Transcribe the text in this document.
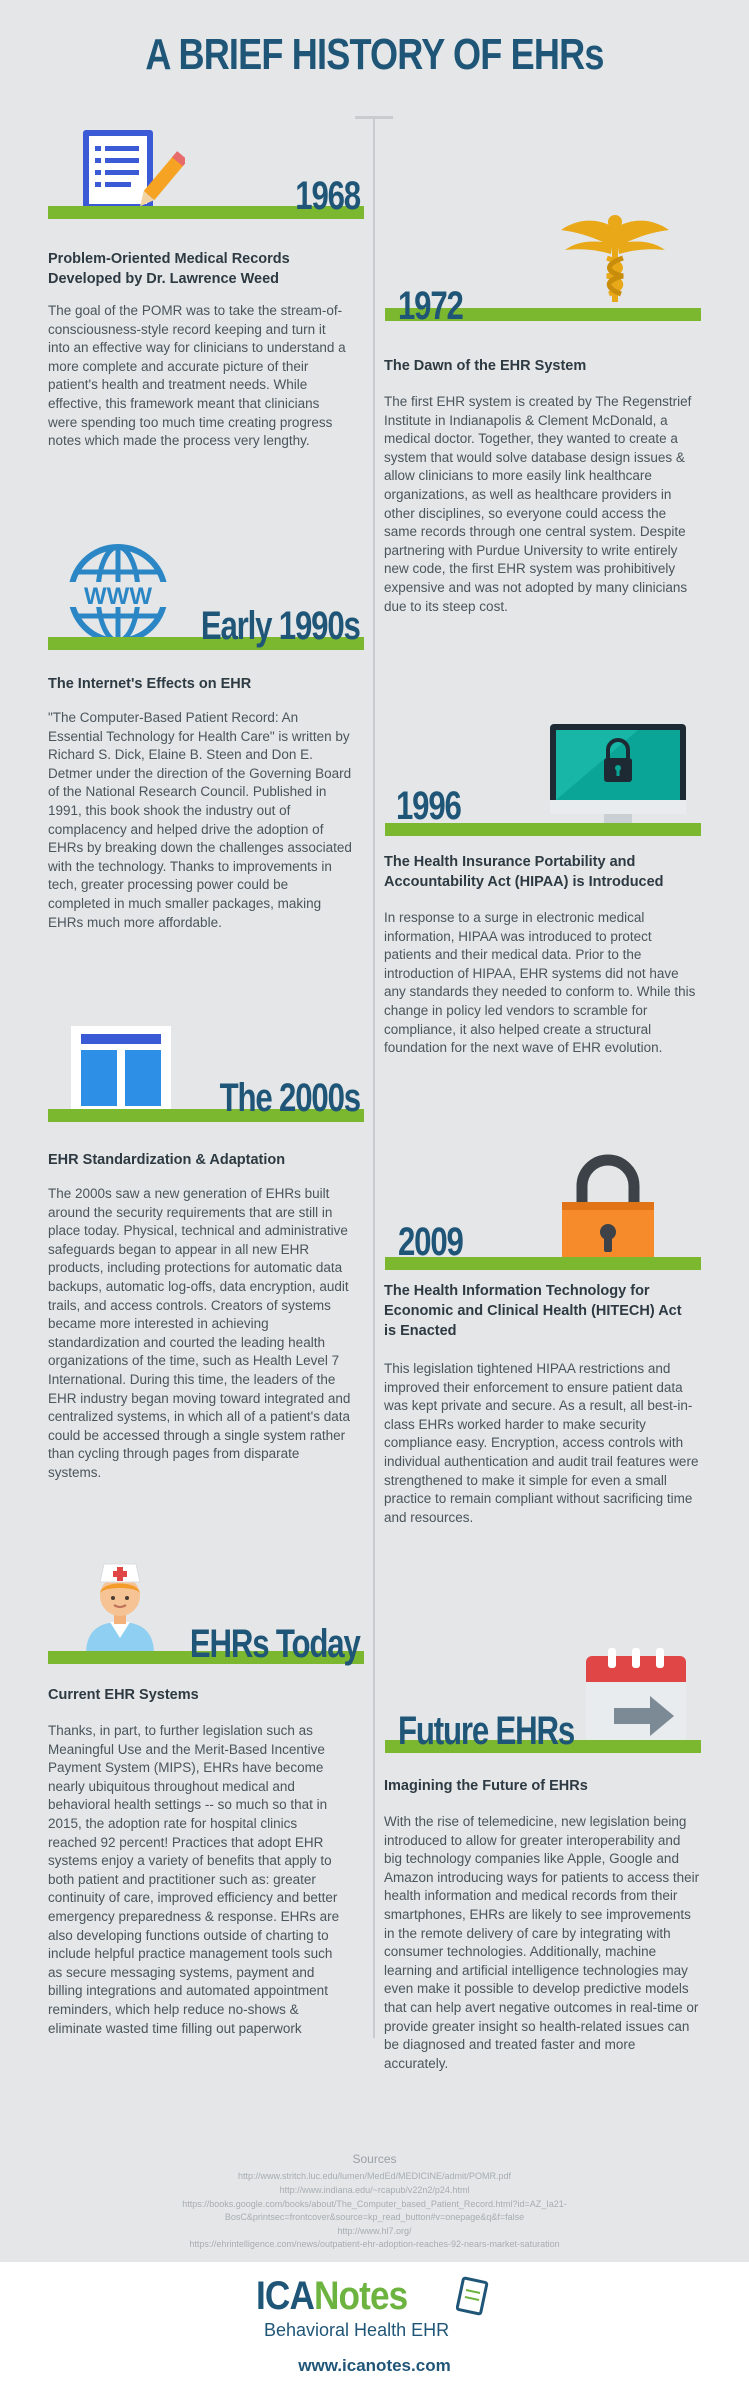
A BRIEF HISTORY OF EHRs
1968
Problem-Oriented Medical Records Developed by Dr. Lawrence Weed
The goal of the POMR was to take the stream-of-consciousness-style record keeping and turn it into an effective way for clinicians to understand a more complete and accurate picture of their patient's health and treatment needs. While effective, this framework meant that clinicians were spending too much time creating progress notes which made the process very lengthy.
1972
The Dawn of the EHR System
The first EHR system is created by The Regenstrief Institute in Indianapolis & Clement McDonald, a medical doctor. Together, they wanted to create a system that would solve database design issues & allow clinicians to more easily link healthcare organizations, as well as healthcare providers in other disciplines, so everyone could access the same records through one central system. Despite partnering with Purdue University to write entirely new code, the first EHR system was prohibitively expensive and was not adopted by many clinicians due to its steep cost.
WWW
Early 1990s
The Internet's Effects on EHR
"The Computer-Based Patient Record: An Essential Technology for Health Care" is written by Richard S. Dick, Elaine B. Steen and Don E. Detmer under the direction of the Governing Board of the National Research Council. Published in 1991, this book shook the industry out of complacency and helped drive the adoption of EHRs by breaking down the challenges associated with the technology. Thanks to improvements in tech, greater processing power could be completed in much smaller packages, making EHRs much more affordable.
1996
The Health Insurance Portability and Accountability Act (HIPAA) is Introduced
In response to a surge in electronic medical information, HIPAA was introduced to protect patients and their medical data. Prior to the introduction of HIPAA, EHR systems did not have any standards they needed to conform to. While this change in policy led vendors to scramble for compliance, it also helped create a structural foundation for the next wave of EHR evolution.
The 2000s
EHR Standardization & Adaptation
The 2000s saw a new generation of EHRs built around the security requirements that are still in place today. Physical, technical and administrative safeguards began to appear in all new EHR products, including protections for automatic data backups, automatic log-offs, data encryption, audit trails, and access controls. Creators of systems became more interested in achieving standardization and courted the leading health organizations of the time, such as Health Level 7 International. During this time, the leaders of the EHR industry began moving toward integrated and centralized systems, in which all of a patient's data could be accessed through a single system rather than cycling through pages from disparate systems.
2009
The Health Information Technology for Economic and Clinical Health (HITECH) Act is Enacted
This legislation tightened HIPAA restrictions and improved their enforcement to ensure patient data was kept private and secure. As a result, all best-in-class EHRs worked harder to make security compliance easy. Encryption, access controls with individual authentication and audit trail features were strengthened to make it simple for even a small practice to remain compliant without sacrificing time and resources.
EHRs Today
Current EHR Systems
Thanks, in part, to further legislation such as Meaningful Use and the Merit-Based Incentive Payment System (MIPS), EHRs have become nearly ubiquitous throughout medical and behavioral health settings -- so much so that in 2015, the adoption rate for hospital clinics reached 92 percent! Practices that adopt EHR systems enjoy a variety of benefits that apply to both patient and practitioner such as: greater continuity of care, improved efficiency and better emergency preparedness & response. EHRs are also developing functions outside of charting to include helpful practice management tools such as secure messaging systems, payment and billing integrations and automated appointment reminders, which help reduce no-shows & eliminate wasted time filling out paperwork
Future EHRs
Imagining the Future of EHRs
With the rise of telemedicine, new legislation being introduced to allow for greater interoperability and big technology companies like Apple, Google and Amazon introducing ways for patients to access their health information and medical records from their smartphones, EHRs are likely to see improvements in the remote delivery of care by integrating with consumer technologies. Additionally, machine learning and artificial intelligence technologies may even make it possible to develop predictive models that can help avert negative outcomes in real-time or provide greater insight so health-related issues can be diagnosed and treated faster and more accurately.
Sources
http://www.stritch.luc.edu/lumen/MedEd/MEDICINE/admit/POMR.pdf
http://www.indiana.edu/~rcapub/v22n2/p24.html
https://books.google.com/books/about/The_Computer_based_Patient_Record.html?id=AZ_Ia21-
BosC&printsec=frontcover&source=kp_read_button#v=onepage&q&f=false
http://www.hl7.org/
https://ehrintelligence.com/news/outpatient-ehr-adoption-reaches-92-nears-market-saturation
ICANotes
Behavioral Health EHR
www.icanotes.com
